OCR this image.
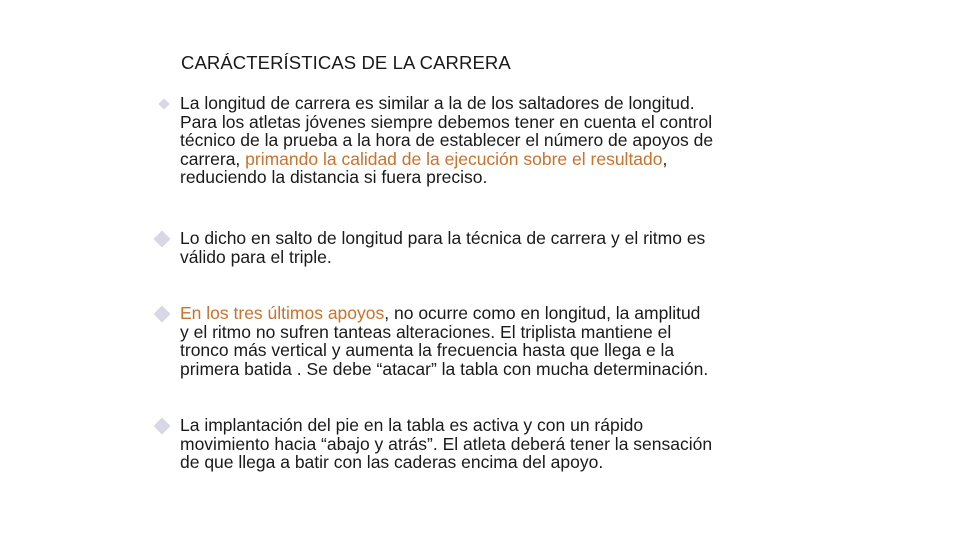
CARÁCTERÍSTICAS DE LA CARRERA
La longitud de carrera es similar a la de los saltadores de longitud.
Para los atletas jóvenes siempre debemos tener en cuenta el control
técnico de la prueba a la hora de establecer el número de apoyos de
carrera, primando la calidad de la ejecución sobre el resultado,
reduciendo la distancia si fuera preciso.
Lo dicho en salto de longitud para la técnica de carrera y el ritmo es
válido para el triple.
En los tres últimos apoyos, no ocurre como en longitud, la amplitud
y el ritmo no sufren tanteas alteraciones. El triplista mantiene el
tronco más vertical y aumenta la frecuencia hasta que llega e la
primera batida . Se debe “atacar” la tabla con mucha determinación.
La implantación del pie en la tabla es activa y con un rápido
movimiento hacia “abajo y atrás”. El atleta deberá tener la sensación
de que llega a batir con las caderas encima del apoyo.
